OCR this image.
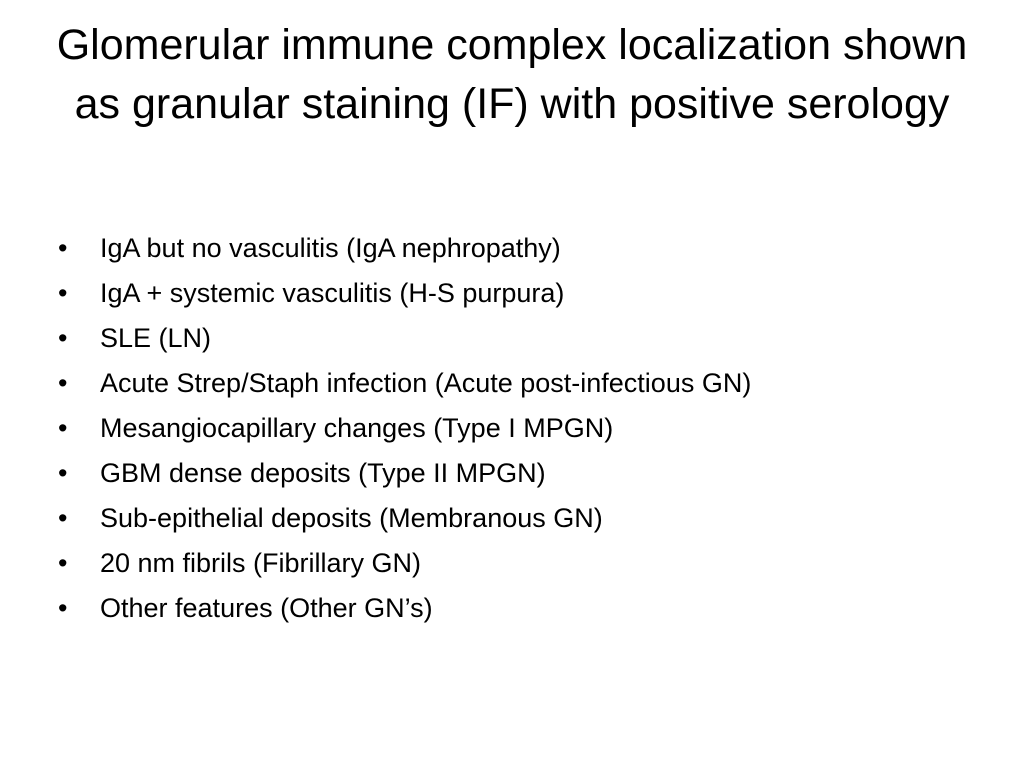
Glomerular immune complex localization shown as granular staining (IF) with positive serology
•	IgA but no vasculitis (IgA nephropathy)
•	IgA + systemic vasculitis (H-S purpura)
•	SLE (LN)
•	Acute Strep/Staph infection (Acute post-infectious GN)
•	Mesangiocapillary changes (Type I MPGN)
•	GBM dense deposits (Type II MPGN)
•	Sub-epithelial deposits (Membranous GN)
•	20 nm fibrils (Fibrillary GN)
•	Other features (Other GN’s)
